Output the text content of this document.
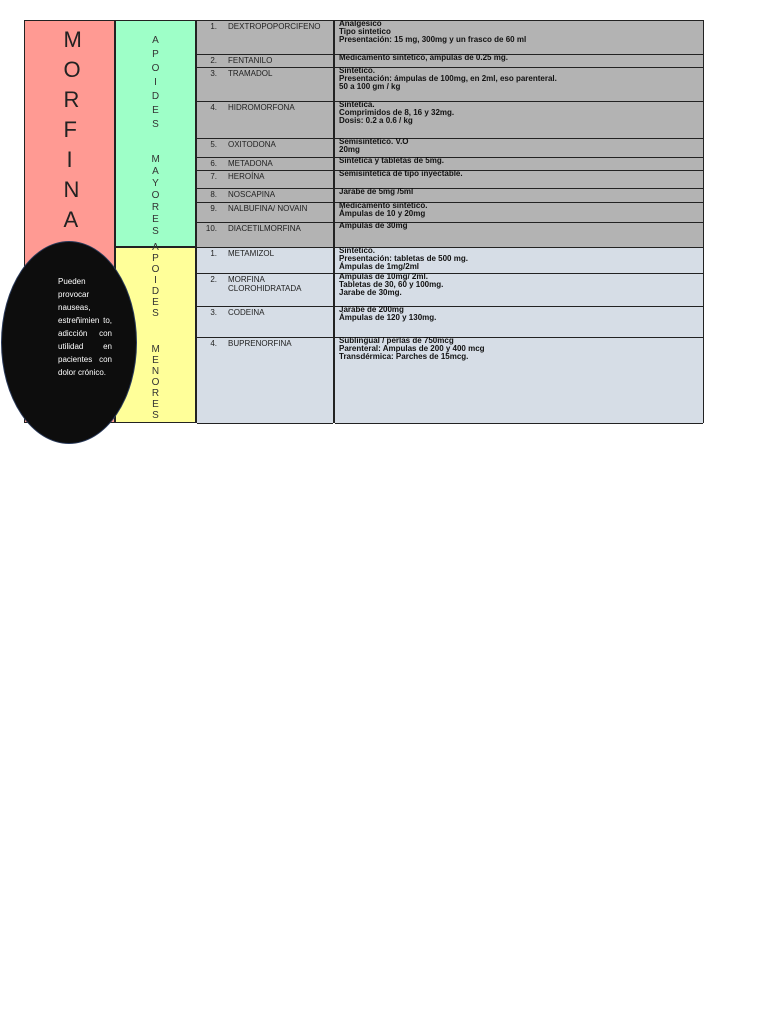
M O R F I N A
A P O I D E S
M A Y O R E S
A P O I D E S
M E N O R E S
1. DEXTROPOPORCIFENO
2. FENTANILO
3. TRAMADOL
4. HIDROMORFONA
5. OXITODONA
6. METADONA
7. HEROÍNA
8. NOSCAPINA
9. NALBUFINA/ NOVAIN
10. DIACETILMORFINA
1. METAMIZOL
2. MORFINA
CLOROHIDRATADA
3. CODEINA
4. BUPRENORFINA
Analgesico
Tipo sintetico
Presentación: 15 mg, 300mg y un frasco de 60 ml
Medicamento sintetico, ampulas de 0.25 mg.
Sintetico.
Presentación: ámpulas de 100mg, en 2ml, eso parenteral.
50 a 100 gm / kg
Sintetica.
Comprimidos de 8, 16 y 32mg.
Dosis: 0.2 a 0.6 / kg
Semisintetico. V.O
20mg
Sintetica y tabletas de 5mg.
Semisintetica de tipo inyectable.
Jarabe de 5mg /5ml
Medicamento sintetico.
Ámpulas de 10 y 20mg
Ampulas de 30mg
Sintetico.
Presentación: tabletas de 500 mg.
Ámpulas de 1mg/2ml
Ampulas de 10mg/ 2ml.
Tabletas de 30, 60 y 100mg.
Jarabe de 30mg.
Jarabe de 200mg
Ámpulas de 120 y 130mg.
Sublingual / perlas de 750mcg
Parenteral: Ampulas de 200 y 400 mcg
Transdérmica: Parches de 15mcg.
Pueden provocar nauseas, estreñimien to, adicción con utilidad en pacientes con dolor crónico.
